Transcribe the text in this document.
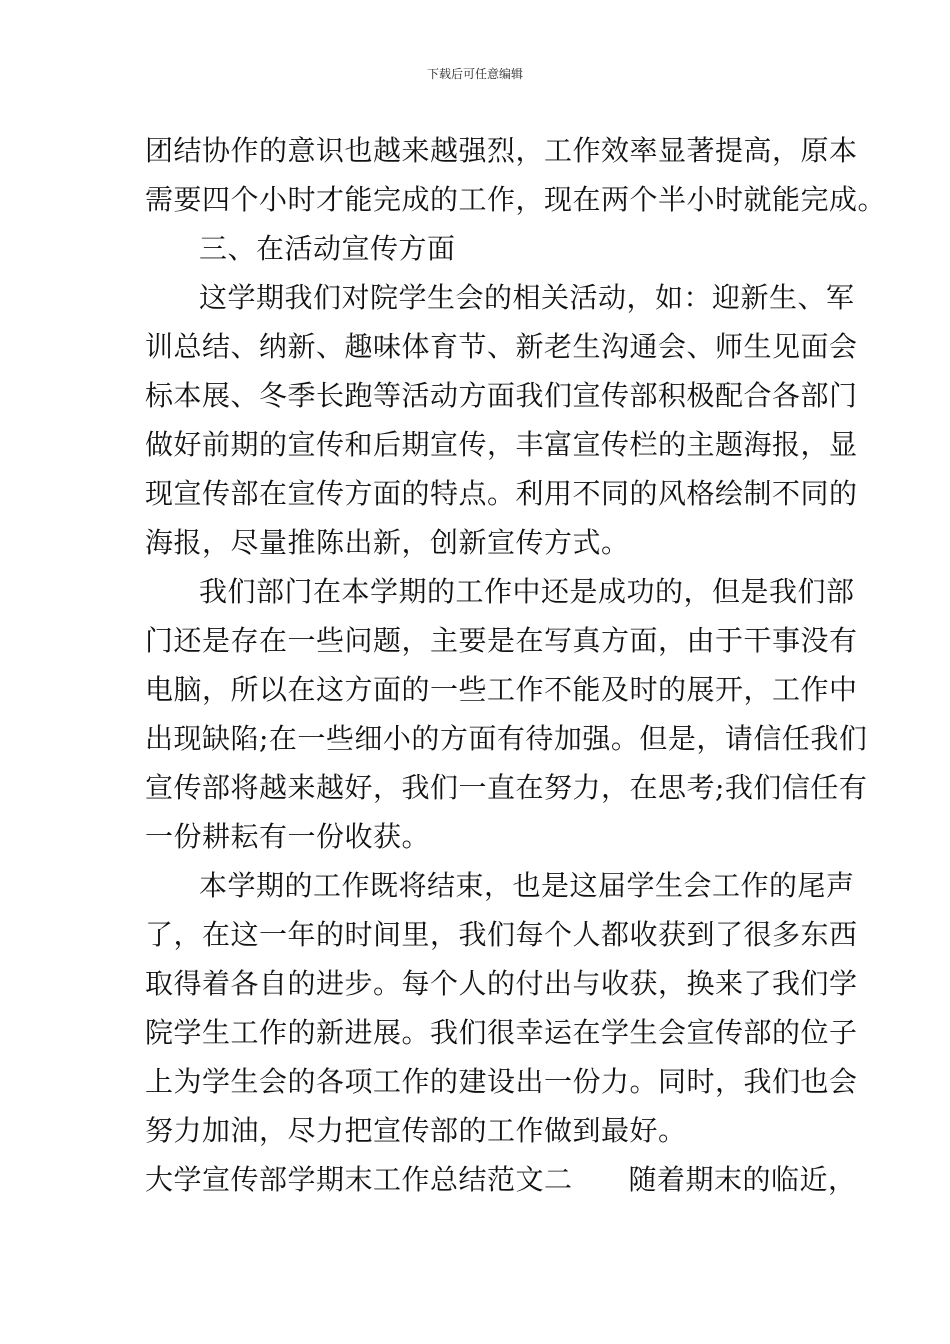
下载后可任意编辑
团结协作的意识也越来越强烈，工作效率显著提高，原本
需要四个小时才能完成的工作，现在两个半小时就能完成。
三、在活动宣传方面
这学期我们对院学生会的相关活动，如：迎新生、军
训总结、纳新、趣味体育节、新老生沟通会、师生见面会
标本展、冬季长跑等活动方面我们宣传部积极配合各部门
做好前期的宣传和后期宣传，丰富宣传栏的主题海报，显
现宣传部在宣传方面的特点。利用不同的风格绘制不同的
海报，尽量推陈出新，创新宣传方式。
我们部门在本学期的工作中还是成功的，但是我们部
门还是存在一些问题，主要是在写真方面，由于干事没有
电脑，所以在这方面的一些工作不能及时的展开，工作中
出现缺陷;在一些细小的方面有待加强。但是，请信任我们
宣传部将越来越好，我们一直在努力，在思考;我们信任有
一份耕耘有一份收获。
本学期的工作既将结束，也是这届学生会工作的尾声
了，在这一年的时间里，我们每个人都收获到了很多东西
取得着各自的进步。每个人的付出与收获，换来了我们学
院学生工作的新进展。我们很幸运在学生会宣传部的位子
上为学生会的各项工作的建设出一份力。同时，我们也会
努力加油，尽力把宣传部的工作做到最好。
大学宣传部学期末工作总结范文二 随着期末的临近，
